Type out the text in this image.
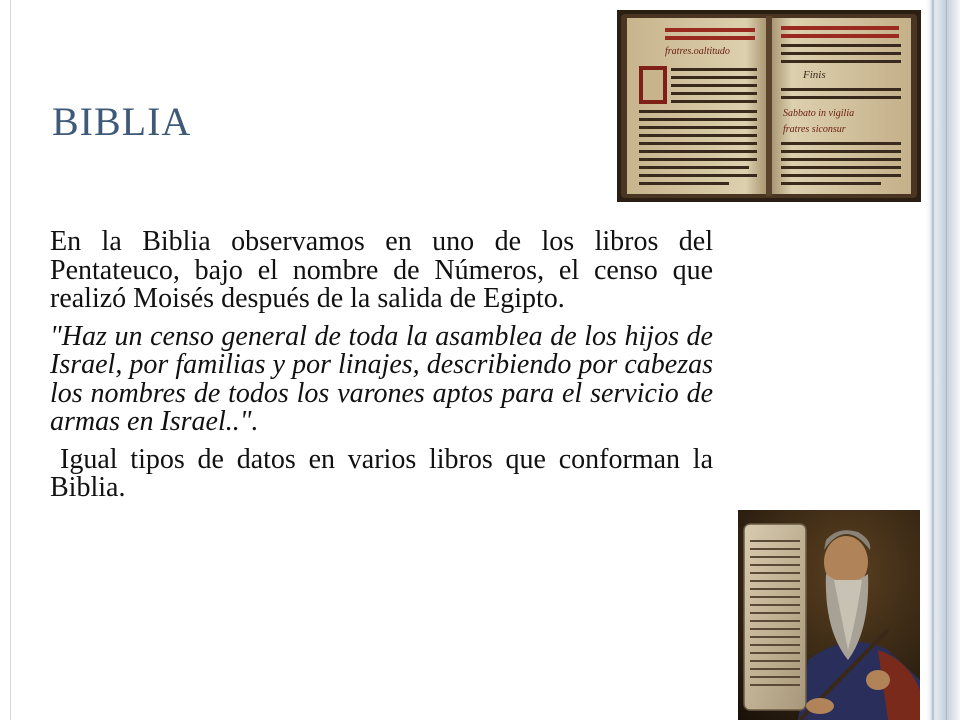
BIBLIA
fratres.oaltitudo
Finis
Sabbato in vigilia
fratres siconsur

En la Biblia observamos en uno de los libros del Pentateuco, bajo el nombre de Números, el censo que realizó Moisés después de la salida de Egipto.

"Haz un censo general de toda la asamblea de los hijos de Israel, por familias y por linajes, describiendo por cabezas los nombres de todos los varones aptos para el servicio de armas en Israel..".

Igual tipos de datos en varios libros que conforman la Biblia.
